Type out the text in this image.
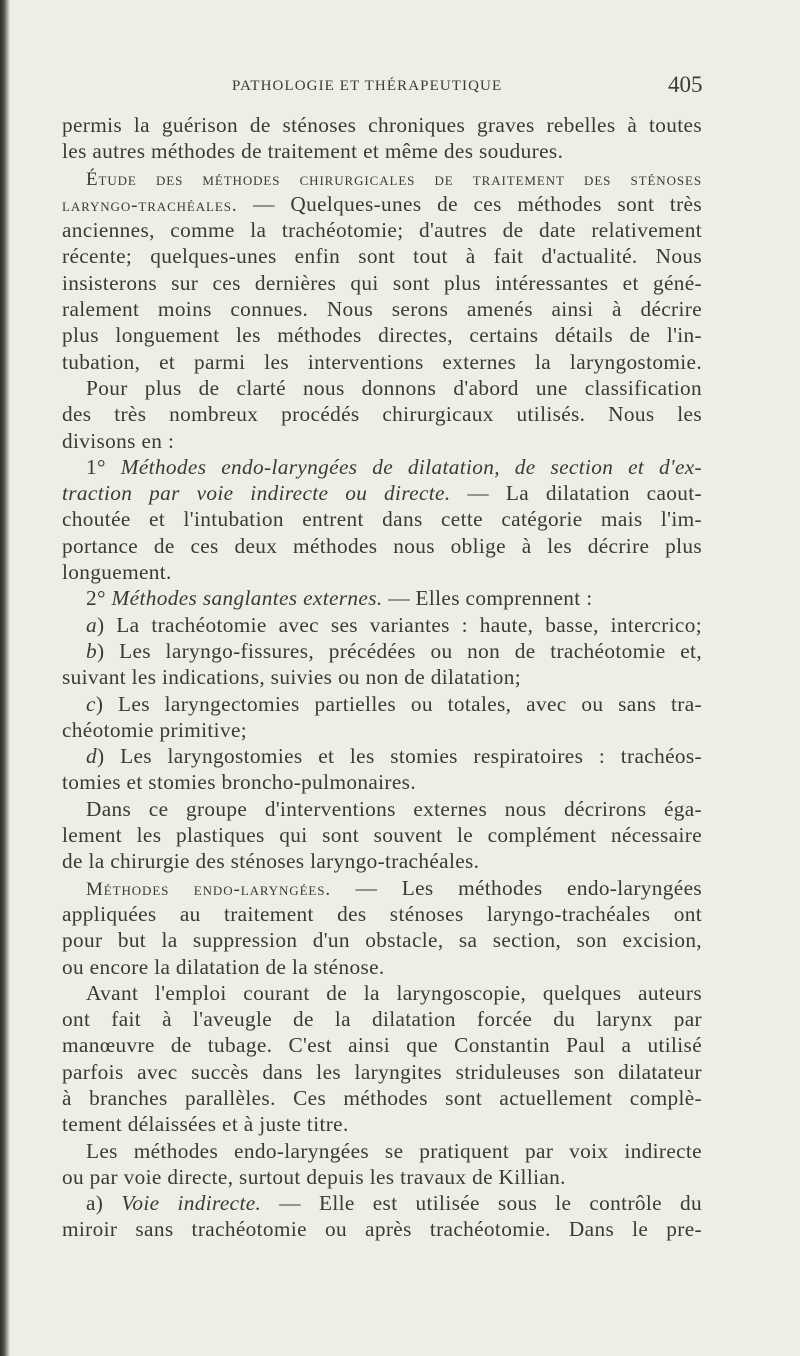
PATHOLOGIE ET THÉRAPEUTIQUE	405
permis la guérison de sténoses chroniques graves rebelles à toutes
les autres méthodes de traitement et même des soudures.
Étude des méthodes chirurgicales de traitement des sténoses
laryngo-trachéales. — Quelques-unes de ces méthodes sont très
anciennes, comme la trachéotomie; d'autres de date relativement
récente; quelques-unes enfin sont tout à fait d'actualité. Nous
insisterons sur ces dernières qui sont plus intéressantes et géné-
ralement moins connues. Nous serons amenés ainsi à décrire
plus longuement les méthodes directes, certains détails de l'in-
tubation, et parmi les interventions externes la laryngostomie.
Pour plus de clarté nous donnons d'abord une classification
des très nombreux procédés chirurgicaux utilisés. Nous les
divisons en :
1° Méthodes endo-laryngées de dilatation, de section et d'ex-
traction par voie indirecte ou directe. — La dilatation caout-
choutée et l'intubation entrent dans cette catégorie mais l'im-
portance de ces deux méthodes nous oblige à les décrire plus
longuement.
2° Méthodes sanglantes externes. — Elles comprennent :
a) La trachéotomie avec ses variantes : haute, basse, intercrico;
b) Les laryngo-fissures, précédées ou non de trachéotomie et,
suivant les indications, suivies ou non de dilatation;
c) Les laryngectomies partielles ou totales, avec ou sans tra-
chéotomie primitive;
d) Les laryngostomies et les stomies respiratoires : trachéos-
tomies et stomies broncho-pulmonaires.
Dans ce groupe d'interventions externes nous décrirons éga-
lement les plastiques qui sont souvent le complément nécessaire
de la chirurgie des sténoses laryngo-trachéales.
Méthodes endo-laryngées. — Les méthodes endo-laryngées
appliquées au traitement des sténoses laryngo-trachéales ont
pour but la suppression d'un obstacle, sa section, son excision,
ou encore la dilatation de la sténose.
Avant l'emploi courant de la laryngoscopie, quelques auteurs
ont fait à l'aveugle de la dilatation forcée du larynx par
manœuvre de tubage. C'est ainsi que Constantin Paul a utilisé
parfois avec succès dans les laryngites striduleuses son dilatateur
à branches parallèles. Ces méthodes sont actuellement complè-
tement délaissées et à juste titre.
Les méthodes endo-laryngées se pratiquent par voix indirecte
ou par voie directe, surtout depuis les travaux de Killian.
a) Voie indirecte. — Elle est utilisée sous le contrôle du
miroir sans trachéotomie ou après trachéotomie. Dans le pre-
